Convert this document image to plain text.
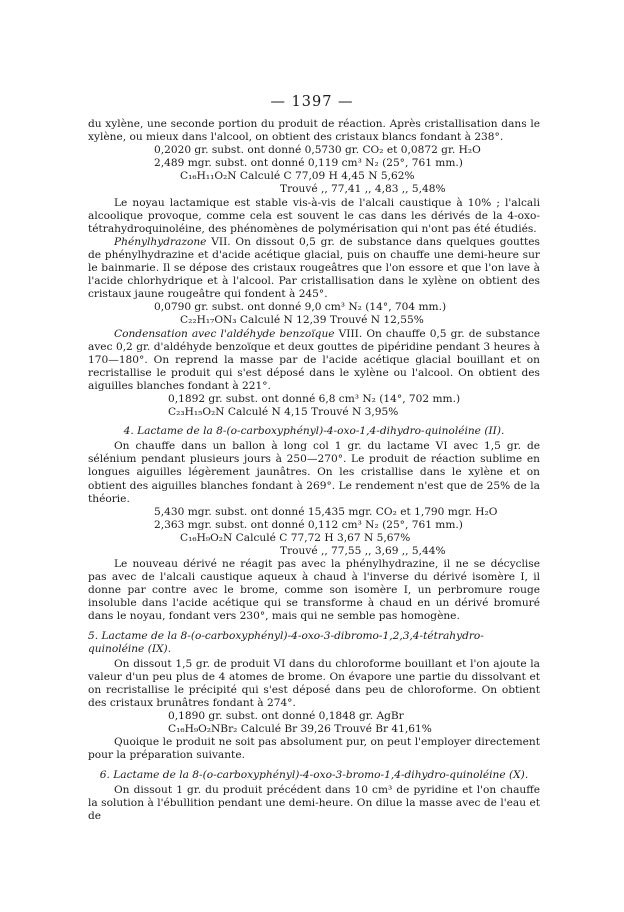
— 1397 —

du xylène, une seconde portion du produit de réaction. Après cristallisation dans le xylène, ou mieux dans l'alcool, on obtient des cristaux blancs fondant à 238°.

0,2020 gr. subst. ont donné 0,5730 gr. CO₂ et 0,0872 gr. H₂O

2,489 mgr. subst. ont donné 0,119 cm³ N₂ (25°, 761 mm.)

C₁₆H₁₁O₂N Calculé C 77,09 H 4,45 N 5,62%

Trouvé ,, 77,41 ,, 4,83 ,, 5,48%

Le noyau lactamique est stable vis-à-vis de l'alcali caustique à 10% ; l'alcali alcoolique provoque, comme cela est souvent le cas dans les dérivés de la 4-oxo-tétrahydroquinoléine, des phénomènes de polymérisation qui n'ont pas été étudiés.

Phénylhydrazone VII. On dissout 0,5 gr. de substance dans quelques gouttes de phénylhydrazine et d'acide acétique glacial, puis on chauffe une demi-heure sur le bainmarie. Il se dépose des cristaux rougeâtres que l'on essore et que l'on lave à l'acide chlorhydrique et à l'alcool. Par cristallisation dans le xylène on obtient des cristaux jaune rougeâtre qui fondent à 245°.

0,0790 gr. subst. ont donné 9,0 cm³ N₂ (14°, 704 mm.)

C₂₂H₁₇ON₃ Calculé N 12,39 Trouvé N 12,55%

Condensation avec l'aldéhyde benzoïque VIII. On chauffe 0,5 gr. de substance avec 0,2 gr. d'aldéhyde benzoïque et deux gouttes de pipéridine pendant 3 heures à 170—180°. On reprend la masse par de l'acide acétique glacial bouillant et on recristallise le produit qui s'est déposé dans le xylène ou l'alcool. On obtient des aiguilles blanches fondant à 221°.

0,1892 gr. subst. ont donné 6,8 cm³ N₂ (14°, 702 mm.)

C₂₃H₁₅O₂N Calculé N 4,15 Trouvé N 3,95%

4. Lactame de la 8-(o-carboxyphényl)-4-oxo-1,4-dihydro-quinoléine (II).

On chauffe dans un ballon à long col 1 gr. du lactame VI avec 1,5 gr. de sélénium pendant plusieurs jours à 250—270°. Le produit de réaction sublime en longues aiguilles légèrement jaunâtres. On les cristallise dans le xylène et on obtient des aiguilles blanches fondant à 269°. Le rendement n'est que de 25% de la théorie.

5,430 mgr. subst. ont donné 15,435 mgr. CO₂ et 1,790 mgr. H₂O

2,363 mgr. subst. ont donné 0,112 cm³ N₂ (25°, 761 mm.)

C₁₆H₉O₂N Calculé C 77,72 H 3,67 N 5,67%

Trouvé ,, 77,55 ,, 3,69 ,, 5,44%

Le nouveau dérivé ne réagit pas avec la phénylhydrazine, il ne se décyclise pas avec de l'alcali caustique aqueux à chaud à l'inverse du dérivé isomère I, il donne par contre avec le brome, comme son isomère I, un perbromure rouge insoluble dans l'acide acétique qui se transforme à chaud en un dérivé bromuré dans le noyau, fondant vers 230°, mais qui ne semble pas homogène.

5. Lactame de la 8-(o-carboxyphényl)-4-oxo-3-dibromo-1,2,3,4-tétrahydro-quinoléine (IX).

On dissout 1,5 gr. de produit VI dans du chloroforme bouillant et l'on ajoute la valeur d'un peu plus de 4 atomes de brome. On évapore une partie du dissolvant et on recristallise le précipité qui s'est déposé dans peu de chloroforme. On obtient des cristaux brunâtres fondant à 274°.

0,1890 gr. subst. ont donné 0,1848 gr. AgBr

C₁₆H₉O₂NBr₂ Calculé Br 39,26 Trouvé Br 41,61%

Quoique le produit ne soit pas absolument pur, on peut l'employer directement pour la préparation suivante.

6. Lactame de la 8-(o-carboxyphényl)-4-oxo-3-bromo-1,4-dihydro-quinoléine (X).

On dissout 1 gr. du produit précédent dans 10 cm³ de pyridine et l'on chauffe la solution à l'ébullition pendant une demi-heure. On dilue la masse avec de l'eau et de
